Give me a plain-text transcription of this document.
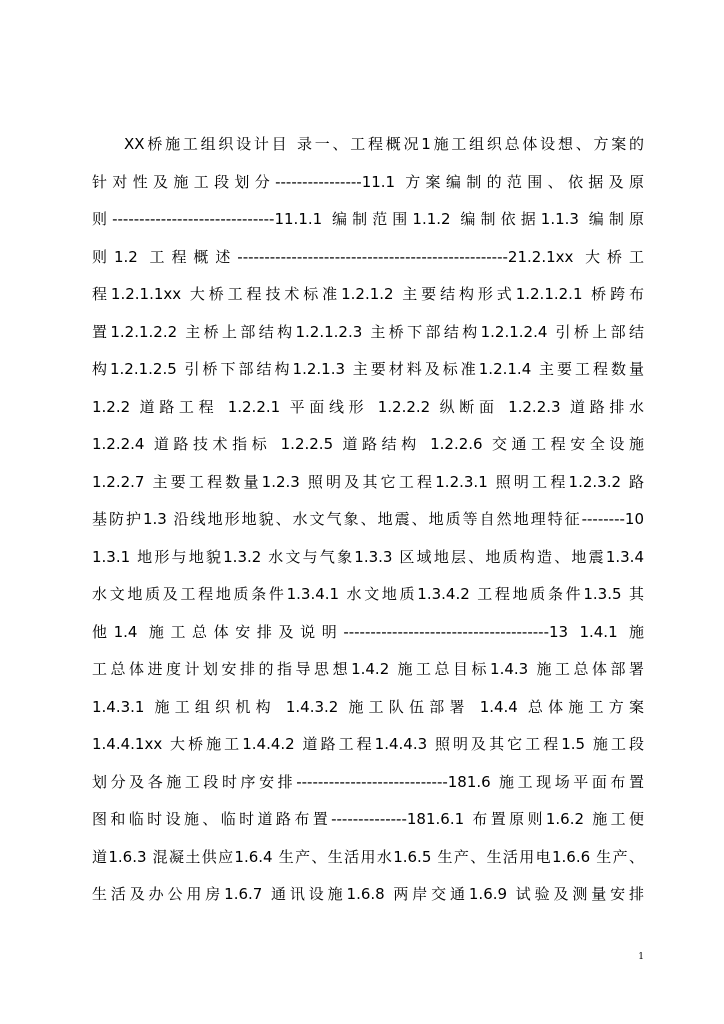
XX桥施工组织设计目 录一、工程概况1施工组织总体设想、方案的
针对性及施工段划分----------------11.1 方案编制的范围、依据及原
则------------------------------11.1.1 编制范围1.1.2 编制依据1.1.3 编制原
则1.2 工程概述--------------------------------------------------21.2.1xx 大桥工
程1.2.1.1xx 大桥工程技术标准1.2.1.2 主要结构形式1.2.1.2.1 桥跨布
置1.2.1.2.2 主桥上部结构1.2.1.2.3 主桥下部结构1.2.1.2.4 引桥上部结
构1.2.1.2.5 引桥下部结构1.2.1.3 主要材料及标准1.2.1.4 主要工程数量
1.2.2 道路工程 1.2.2.1 平面线形 1.2.2.2 纵断面 1.2.2.3 道路排水
1.2.2.4 道路技术指标 1.2.2.5 道路结构 1.2.2.6 交通工程安全设施
1.2.2.7 主要工程数量1.2.3 照明及其它工程1.2.3.1 照明工程1.2.3.2 路
基防护1.3 沿线地形地貌、水文气象、地震、地质等自然地理特征--------10
1.3.1 地形与地貌1.3.2 水文与气象1.3.3 区域地层、地质构造、地震1.3.4
水文地质及工程地质条件1.3.4.1 水文地质1.3.4.2 工程地质条件1.3.5 其
他1.4 施工总体安排及说明--------------------------------------13 1.4.1 施
工总体进度计划安排的指导思想1.4.2 施工总目标1.4.3 施工总体部署
1.4.3.1 施工组织机构 1.4.3.2 施工队伍部署 1.4.4 总体施工方案
1.4.4.1xx 大桥施工1.4.4.2 道路工程1.4.4.3 照明及其它工程1.5 施工段
划分及各施工段时序安排----------------------------181.6 施工现场平面布置
图和临时设施、临时道路布置--------------181.6.1 布置原则1.6.2 施工便
道1.6.3 混凝土供应1.6.4 生产、生活用水1.6.5 生产、生活用电1.6.6 生产、
生活及办公用房1.6.7 通讯设施1.6.8 两岸交通1.6.9 试验及测量安排
1
